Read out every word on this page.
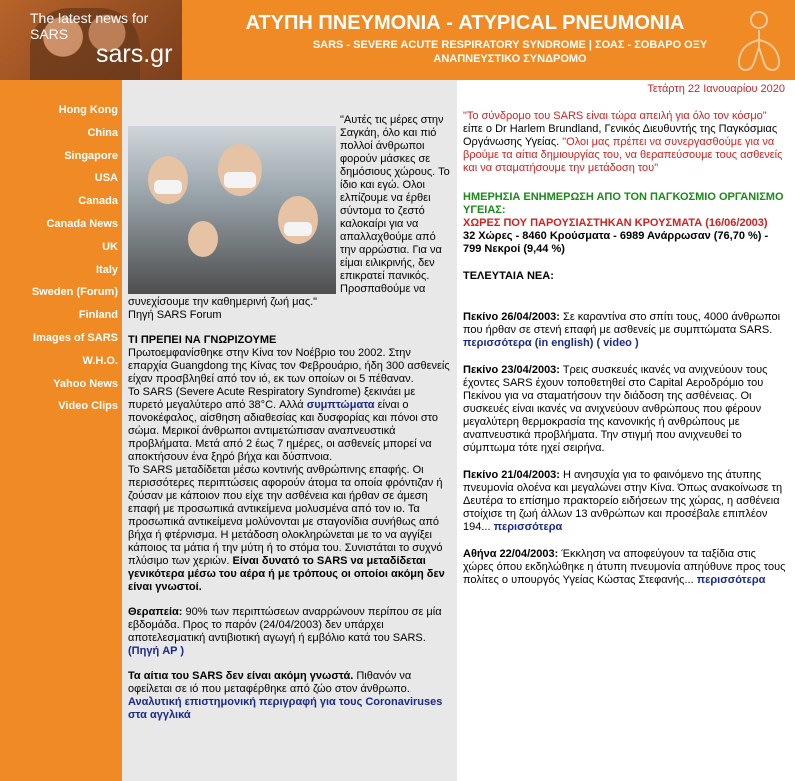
The latest news for SARS
sars.gr
ΑΤΥΠΗ ΠΝΕΥΜΟΝΙΑ - ATYPICAL PNEUMONIA
SARS - SEVERE ACUTE RESPIRATORY SYNDROME | ΣΟΑΣ - ΣΟΒΑΡΟ ΟΞΥ ΑΝΑΠΝΕΥΣΤΙΚΟ ΣΥΝΔΡΟΜΟ
Τετάρτη 22 Ιανουαρίου 2020
Hong Kong
China
Singapore
USA
Canada
Canada News
UK
Italy
Sweden (Forum)
Finland
Images of SARS
W.H.O.
Yahoo News
Video Clips
"Αυτές τις μέρες στην Σαγκάη, όλο και πιό πολλοί άνθρωποι φορούν μάσκες σε δημόσιους χώρους. Το ίδιο και εγώ. Ολοι ελπίζουμε να έρθει σύντομα το ζεστό καλοκαίρι για να απαλλαχθούμε από την αρρώστια. Για να είμαι ειλικρινής, δεν επικρατεί πανικός. Προσπαθούμε να συνεχίσουμε την καθημερινή ζωή μας."
Πηγή SARS Forum
ΤΙ ΠΡΕΠΕΙ ΝΑ ΓΝΩΡΙΖΟΥΜΕ
Πρωτοεμφανίσθηκε στην Κίνα τον Νοέβριο του 2002. Στην επαρχία Guangdong της Κίνας τον Φεβρουάριο, ήδη 300 ασθενείς είχαν προσβληθεί από τον ιό, εκ των οποίων οι 5 πέθαναν.
Το SARS (Severe Acute Respiratory Syndrome) ξεκινάει με πυρετό μεγαλύτερο από 38°C. Αλλά συμπτώματα είναι ο πονοκέφαλος, αίσθηση αδιαθεσίας και δυσφορίας και πόνοι στο σώμα. Μερικοί άνθρωποι αντιμετώπισαν αναπνευστικά προβλήματα. Μετά από 2 έως 7 ημέρες, οι ασθενείς μπορεί να αποκτήσουν ένα ξηρό βήχα και δύσπνοια.
Το SARS μεταδίδεται μέσω κοντινής ανθρώπινης επαφής. Οι περισσότερες περιπτώσεις αφορούν άτομα τα οποία φρόντιζαν ή ζούσαν με κάποιον που είχε την ασθένεια και ήρθαν σε άμεση επαφή με προσωπικά αντικείμενα μολυσμένα από τον ιο. Τα προσωπικά αντικείμενα μολύνονται με σταγονίδια συνήθως από βήχα ή φτέρνισμα. Η μετάδοση ολοκληρώνεται με το να αγγίξει κάποιος τα μάτια ή την μύτη ή το στόμα του. Συνιστάται το συχνό πλύσιμο των χεριών. Είναι δυνατό το SARS να μεταδίδεται γενικότερα μέσω του αέρα ή με τρόπους οι οποίοι ακόμη δεν είναι γνωστοί.
Θεραπεία: 90% των περιπτώσεων αναρρώνουν περίπου σε μία εβδομάδα. Προς το παρόν (24/04/2003) δεν υπάρχει αποτελεσματική αντιβιοτική αγωγή ή εμβόλιο κατά του SARS. (Πηγή AP )
Τα αίτια του SARS δεν είναι ακόμη γνωστά. Πιθανόν να οφείλεται σε ιό που μεταφέρθηκε από ζώο στον άνθρωπο. Αναλυτική επιστημονική περιγραφή για τους Coronaviruses στα αγγλικά
"Το σύνδρομο του SARS είναι τώρα απειλή για όλο τον κόσμο" είπε ο Dr Harlem Brundland, Γενικός Διευθυντής της Παγκόσμιας Οργάνωσης Υγείας. "Ολοι μας πρέπει να συνεργασθούμε για να βρούμε τα αίτια δημιουργίας του, να θεραπεύσουμε τους ασθενείς και να σταματήσουμε την μετάδοση του"
ΗΜΕΡΗΣΙΑ ΕΝΗΜΕΡΩΣΗ ΑΠΟ ΤΟΝ ΠΑΓΚΟΣΜΙΟ ΟΡΓΑΝΙΣΜΟ ΥΓΕΙΑΣ:
ΧΩΡΕΣ ΠΟΥ ΠΑΡΟΥΣΙΑΣΤΗΚΑΝ ΚΡΟΥΣΜΑΤΑ (16/06/2003)
32 Χώρες - 8460 Κρούσματα - 6989 Ανάρρωσαν (76,70 %) - 799 Νεκροί (9,44 %)
ΤΕΛΕΥΤΑΙΑ ΝΕΑ:
Πεκίνο 26/04/2003: Σε καραντίνα στο σπίτι τους, 4000 άνθρωποι που ήρθαν σε στενή επαφή με ασθενείς με συμπτώματα SARS. περισσότερα (in english) ( video )
Πεκίνο 23/04/2003: Τρεις συσκευές ικανές να ανιχνεύουν τους έχοντες SARS έχουν τοποθετηθεί στο Capital Αεροδρόμιο του Πεκίνου για να σταματήσουν την διάδοση της ασθένειας. Οι συσκευές είναι ικανές να ανιχνεύουν ανθρώπους που φέρουν μεγαλύτερη θερμοκρασία της κανονικής ή ανθρώπους με αναπνευστικά προβλήματα. Την στιγμή που ανιχνευθεί το σύμπτωμα τότε ηχεί σειρήνα.
Πεκίνο 21/04/2003: Η ανησυχία για το φαινόμενο της άτυπης πνευμονία ολοένα και μεγαλώνει στην Κίνα. Όπως ανακοίνωσε τη Δευτέρα το επίσημο πρακτορείο ειδήσεων της χώρας, η ασθένεια στοίχισε τη ζωή άλλων 13 ανθρώπων και προσέβαλε επιπλέον 194... περισσότερα
Αθήνα 22/04/2003: Έκκληση να αποφεύγουν τα ταξίδια στις χώρες όπου εκδηλώθηκε η άτυπη πνευμονία απηύθυνε προς τους πολίτες ο υπουργός Υγείας Κώστας Στεφανής... περισσότερα
